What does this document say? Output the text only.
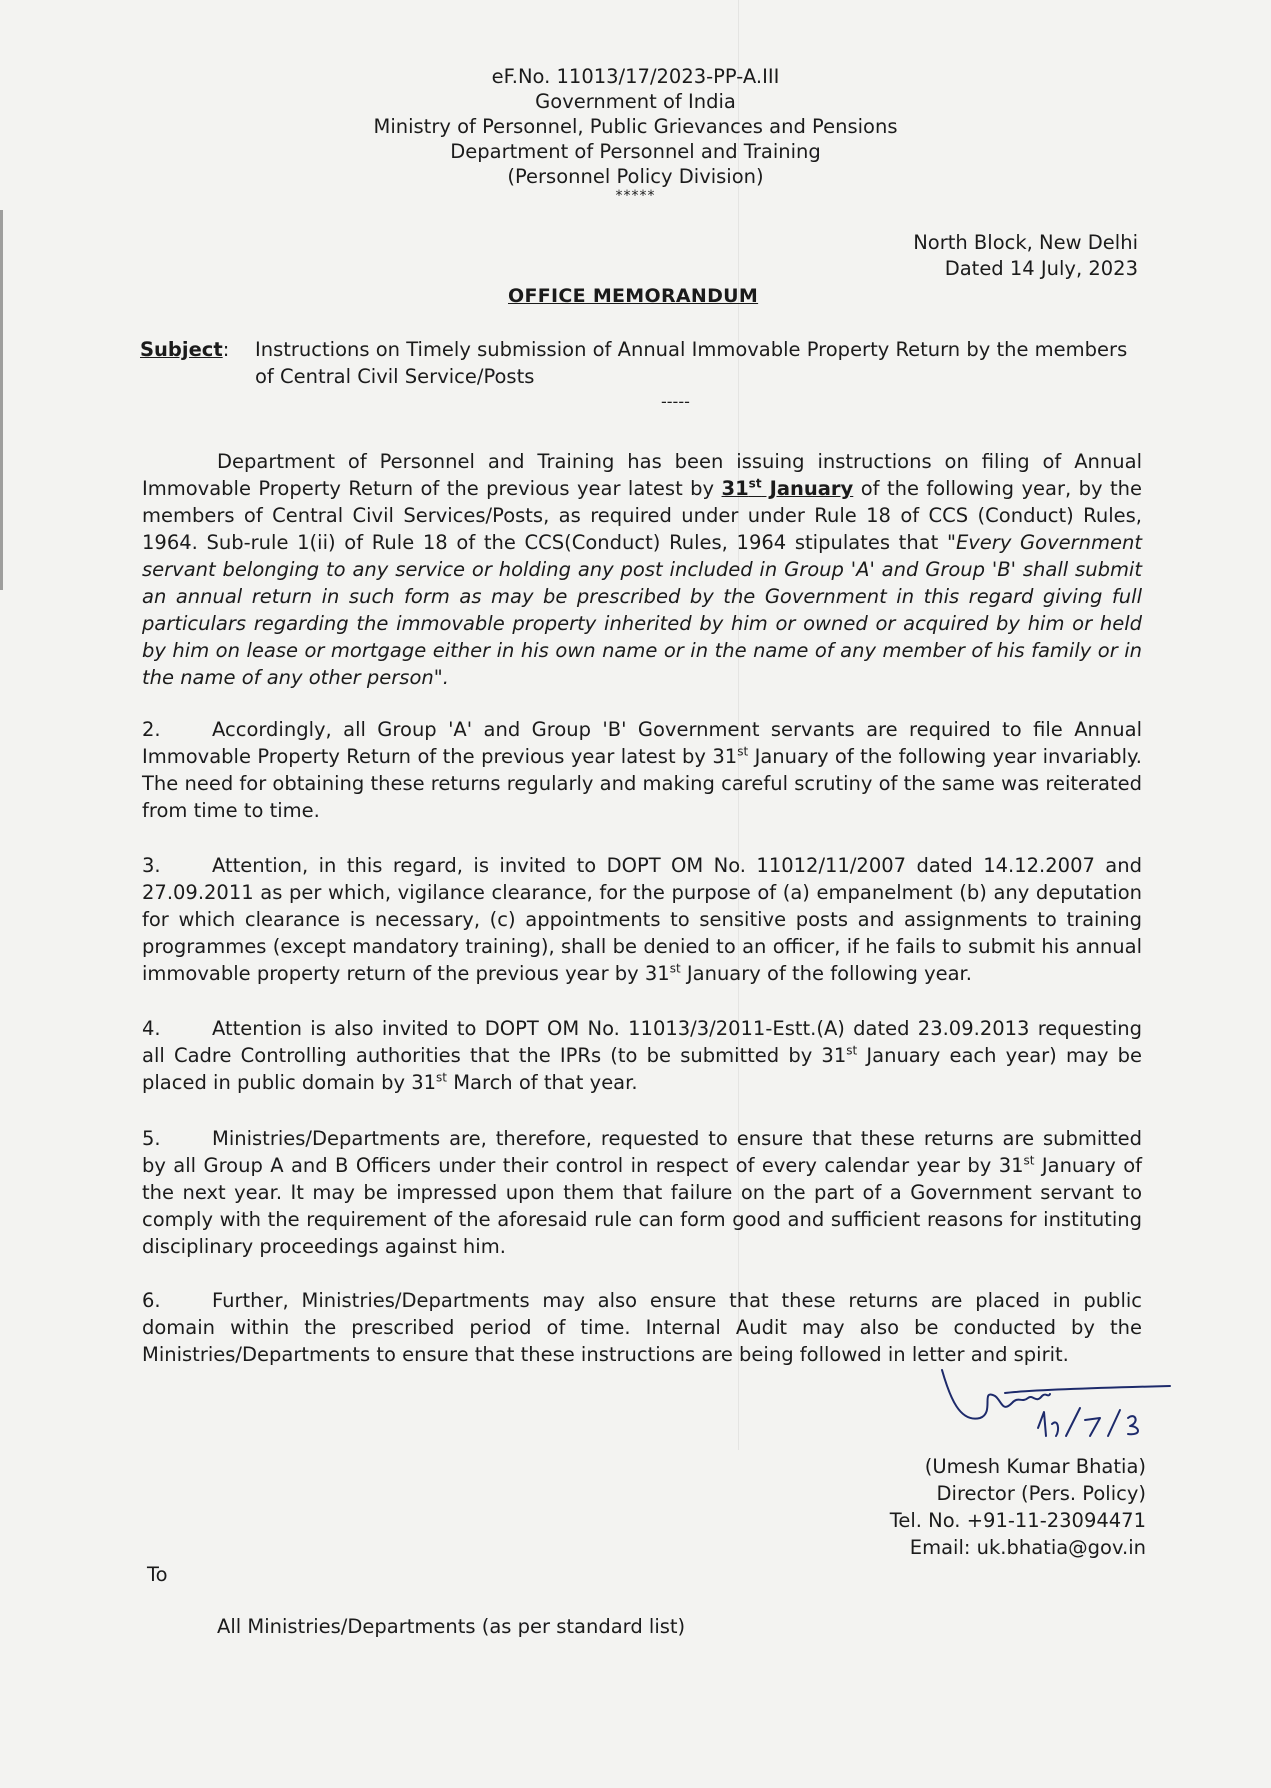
eF.No. 11013/17/2023-PP-A.III
Government of India
Ministry of Personnel, Public Grievances and Pensions
Department of Personnel and Training
(Personnel Policy Division)
*****
North Block, New Delhi
Dated 14 July, 2023
OFFICE MEMORANDUM
Subject: Instructions on Timely submission of Annual Immovable Property Return by the members of Central Civil Service/Posts
-----
Department of Personnel and Training has been issuing instructions on filing of Annual Immovable Property Return of the previous year latest by 31st January of the following year, by the members of Central Civil Services/Posts, as required under under Rule 18 of CCS (Conduct) Rules, 1964. Sub-rule 1(ii) of Rule 18 of the CCS(Conduct) Rules, 1964 stipulates that "Every Government servant belonging to any service or holding any post included in Group 'A' and Group 'B' shall submit an annual return in such form as may be prescribed by the Government in this regard giving full particulars regarding the immovable property inherited by him or owned or acquired by him or held by him on lease or mortgage either in his own name or in the name of any member of his family or in the name of any other person".
2.	Accordingly, all Group 'A' and Group 'B' Government servants are required to file Annual Immovable Property Return of the previous year latest by 31st January of the following year invariably. The need for obtaining these returns regularly and making careful scrutiny of the same was reiterated from time to time.
3.	Attention, in this regard, is invited to DOPT OM No. 11012/11/2007 dated 14.12.2007 and 27.09.2011 as per which, vigilance clearance, for the purpose of (a) empanelment (b) any deputation for which clearance is necessary, (c) appointments to sensitive posts and assignments to training programmes (except mandatory training), shall be denied to an officer, if he fails to submit his annual immovable property return of the previous year by 31st January of the following year.
4.	Attention is also invited to DOPT OM No. 11013/3/2011-Estt.(A) dated 23.09.2013 requesting all Cadre Controlling authorities that the IPRs (to be submitted by 31st January each year) may be placed in public domain by 31st March of that year.
5.	Ministries/Departments are, therefore, requested to ensure that these returns are submitted by all Group A and B Officers under their control in respect of every calendar year by 31st January of the next year. It may be impressed upon them that failure on the part of a Government servant to comply with the requirement of the aforesaid rule can form good and sufficient reasons for instituting disciplinary proceedings against him.
6.	Further, Ministries/Departments may also ensure that these returns are placed in public domain within the prescribed period of time. Internal Audit may also be conducted by the Ministries/Departments to ensure that these instructions are being followed in letter and spirit.
(Umesh Kumar Bhatia)
Director (Pers. Policy)
Tel. No. +91-11-23094471
Email: uk.bhatia@gov.in
To
All Ministries/Departments (as per standard list)
